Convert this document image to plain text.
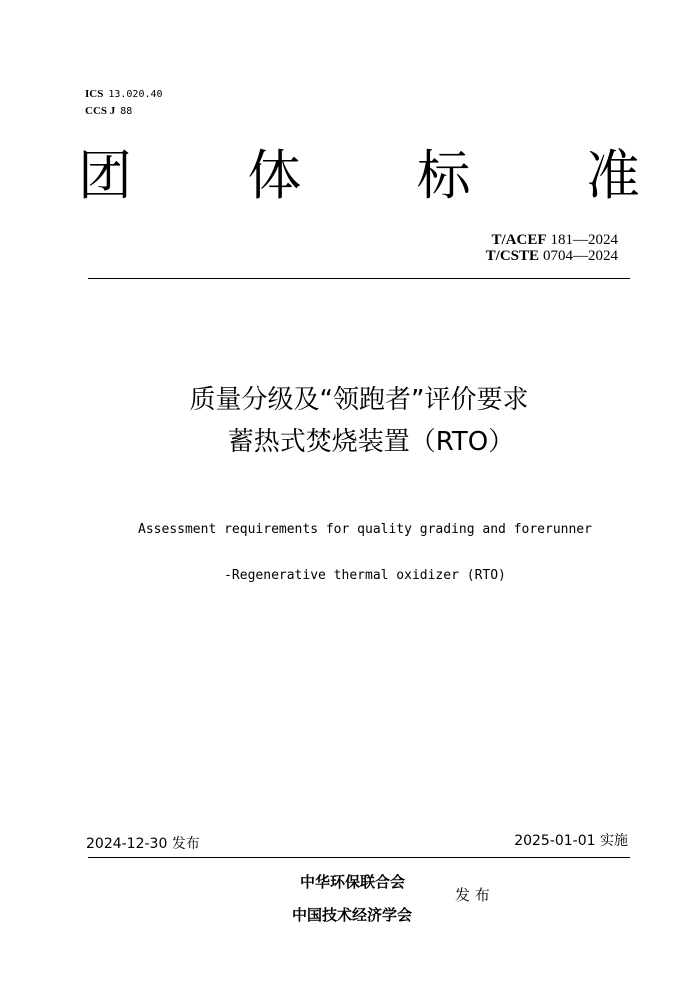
ICS 13.020.40
CCS J 88
团 体 标 准
T/ACEF 181—2024
T/CSTE 0704—2024
质量分级及“领跑者”评价要求
蓄热式焚烧装置（RTO）
Assessment requirements for quality grading and forerunner
-Regenerative thermal oxidizer (RTO)
2024-12-30 发布	2025-01-01 实施
中华环保联合会
中国技术经济学会
发 布
